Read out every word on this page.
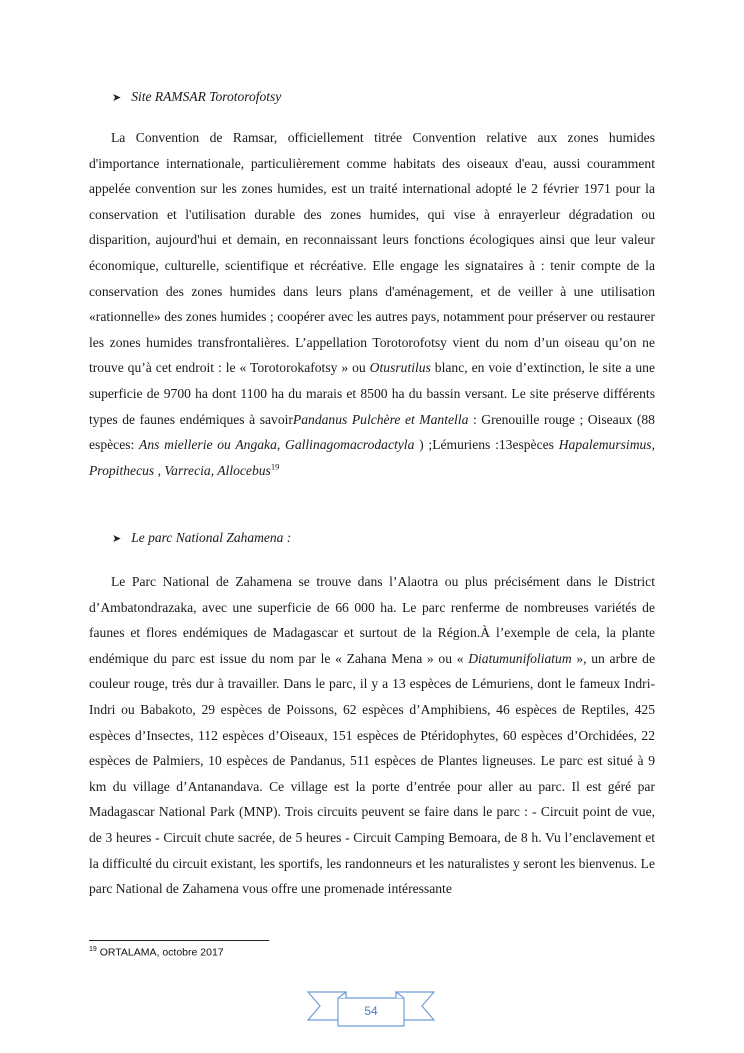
➤ Site RAMSAR Torotorofotsy

La Convention de Ramsar, officiellement titrée Convention relative aux zones humides d'importance internationale, particulièrement comme habitats des oiseaux d'eau, aussi couramment appelée convention sur les zones humides, est un traité international adopté le 2 février 1971 pour la conservation et l'utilisation durable des zones humides, qui vise à enrayerleur dégradation ou disparition, aujourd'hui et demain, en reconnaissant leurs fonctions écologiques ainsi que leur valeur économique, culturelle, scientifique et récréative. Elle engage les signataires à : tenir compte de la conservation des zones humides dans leurs plans d'aménagement, et de veiller à une utilisation «rationnelle» des zones humides ; coopérer avec les autres pays, notamment pour préserver ou restaurer les zones humides transfrontalières. L’appellation Torotorofotsy vient du nom d’un oiseau qu’on ne trouve qu’à cet endroit : le « Torotorokafotsy » ou Otusrutilus blanc, en voie d’extinction, le site a une superficie de 9700 ha dont 1100 ha du marais et 8500 ha du bassin versant. Le site préserve différents types de faunes endémiques à savoirPandanus Pulchère et Mantella : Grenouille rouge ; Oiseaux (88 espèces: Ans miellerie ou Angaka, Gallinagomacrodactyla ) ;Lémuriens :13espèces Hapalemursimus, Propithecus , Varrecia, Allocebus$^{19}$

➤ Le parc National Zahamena :

Le Parc National de Zahamena se trouve dans l’Alaotra ou plus précisément dans le District d’Ambatondrazaka, avec une superficie de 66 000 ha. Le parc renferme de nombreuses variétés de faunes et flores endémiques de Madagascar et surtout de la Région.À l’exemple de cela, la plante endémique du parc est issue du nom par le « Zahana Mena » ou « Diatumunifoliatum », un arbre de couleur rouge, très dur à travailler. Dans le parc, il y a 13 espèces de Lémuriens, dont le fameux Indri-Indri ou Babakoto, 29 espèces de Poissons, 62 espèces d’Amphibiens, 46 espèces de Reptiles, 425 espèces d’Insectes, 112 espèces d’Oiseaux, 151 espèces de Ptéridophytes, 60 espèces d’Orchidées, 22 espèces de Palmiers, 10 espèces de Pandanus, 511 espèces de Plantes ligneuses. Le parc est situé à 9 km du village d’Antanandava. Ce village est la porte d’entrée pour aller au parc. Il est géré par Madagascar National Park (MNP). Trois circuits peuvent se faire dans le parc : - Circuit point de vue, de 3 heures - Circuit chute sacrée, de 5 heures - Circuit Camping Bemoara, de 8 h. Vu l’enclavement et la difficulté du circuit existant, les sportifs, les randonneurs et les naturalistes y seront les bienvenus. Le parc National de Zahamena vous offre une promenade intéressante

$^{19}$ ORTALAMA, octobre 2017
54
